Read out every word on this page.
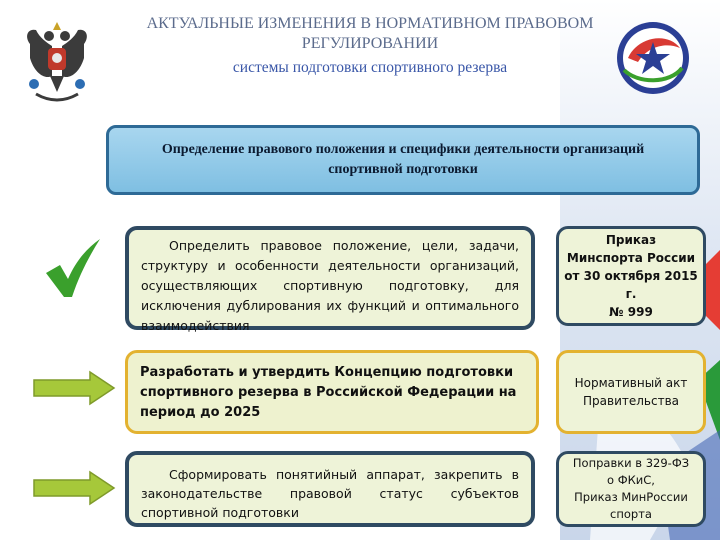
АКТУАЛЬНЫЕ ИЗМЕНЕНИЯ В НОРМАТИВНОМ ПРАВОВОМ
РЕГУЛИРОВАНИИ
системы подготовки спортивного резерва
Определение правового положения и специфики деятельности организаций спортивной подготовки
Определить правовое положение, цели, задачи, структуру и особенности деятельности организаций, осуществляющих спортивную подготовку, для исключения дублирования их функций и оптимального взаимодействия
Приказ
Минспорта России
от 30 октября 2015 г.
№ 999
Разработать и утвердить Концепцию подготовки спортивного резерва в Российской Федерации на период до 2025
Нормативный акт
Правительства
Сформировать понятийный аппарат, закрепить в законодательстве правовой статус субъектов спортивной подготовки
Поправки в 329-ФЗ
о ФКиС,
Приказ МинРоссии
спорта
